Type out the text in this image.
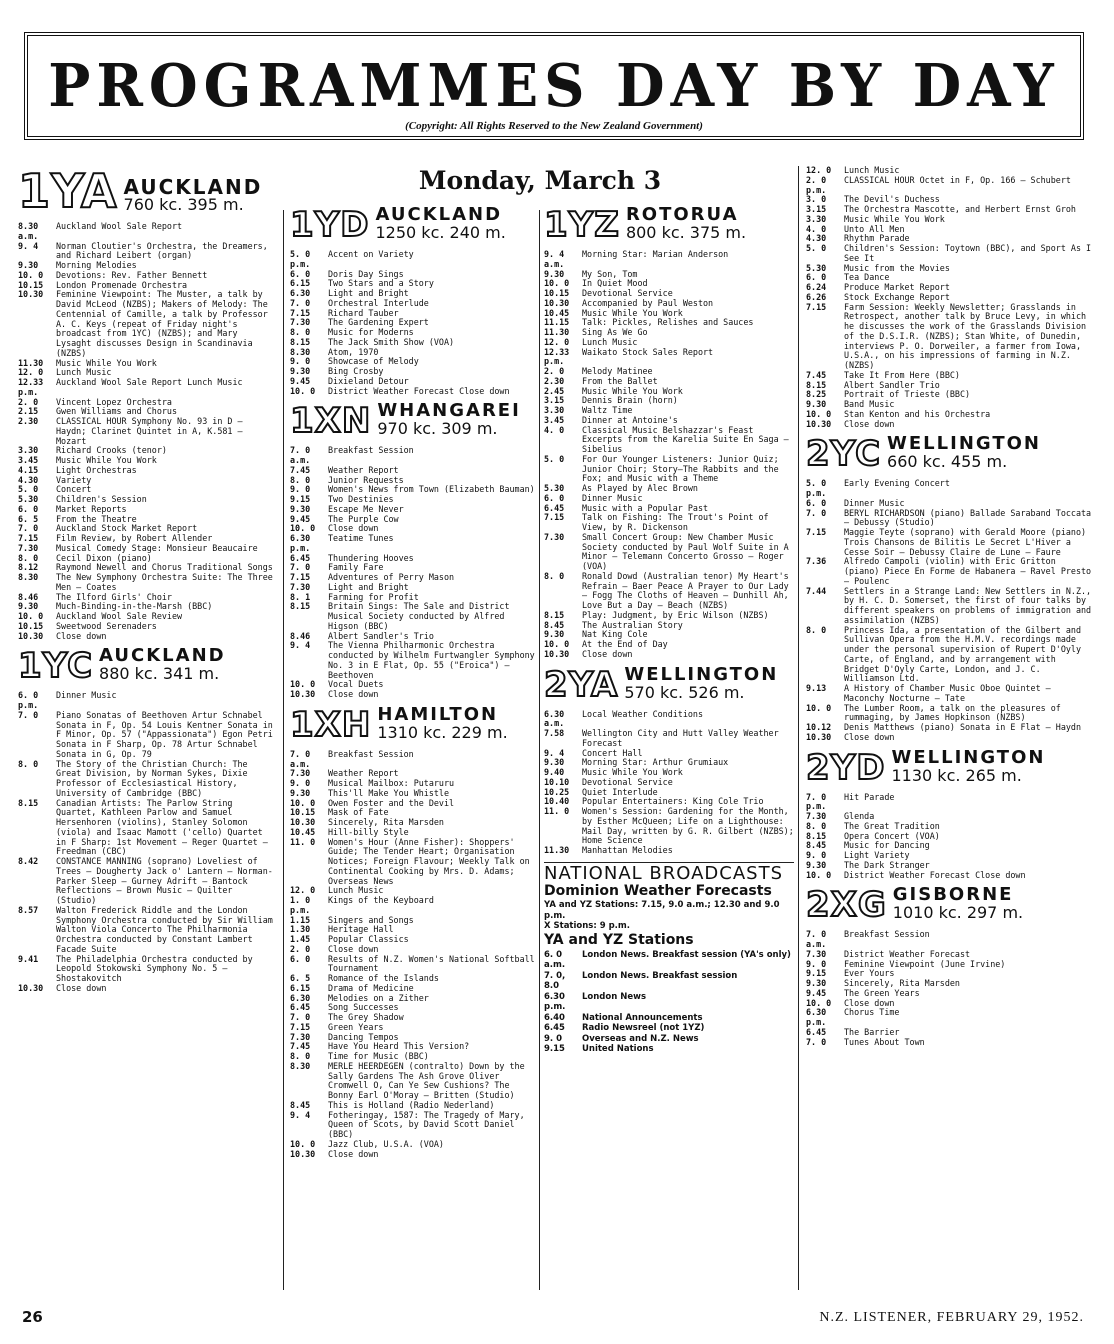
PROGRAMMES DAY BY DAY
(Copyright: All Rights Reserved to the New Zealand Government)
Monday, March 3
1YA AUCKLAND
760 kc. 395 m.
8.30 a.m.
Auckland Wool Sale Report
9. 4	Norman Cloutier's Orchestra, the Dreamers, and Richard Leibert (organ)
9.30	Morning Melodies
10. 0	Devotions: Rev. Father Bennett
10.15	London Promenade Orchestra
10.30	Feminine Viewpoint: The Muster, a talk by David McLeod (NZBS); Makers of Melody: The Centennial of Camille, a talk by Professor A. C. Keys (repeat of Friday night's broadcast from 1YC) (NZBS); and Mary Lysaght discusses Design in Scandinavia (NZBS)
11.30	Music While You Work
12. 0	Lunch Music
12.33 p.m.
Auckland Wool Sale Report Lunch Music
2. 0	Vincent Lopez Orchestra
2.15	Gwen Williams and Chorus
2.30	CLASSICAL HOUR Symphony No. 93 in D — Haydn; Clarinet Quintet in A, K.581 — Mozart
3.30	Richard Crooks (tenor)
3.45	Music While You Work
4.15	Light Orchestras
4.30	Variety
5. 0	Concert
5.30	Children's Session
6. 0	Market Reports
6. 5	From the Theatre
7. 0	Auckland Stock Market Report
7.15	Film Review, by Robert Allender
7.30	Musical Comedy Stage: Monsieur Beaucaire
8. 0	Cecil Dixon (piano)
8.12	Raymond Newell and Chorus Traditional Songs
8.30	The New Symphony Orchestra Suite: The Three Men — Coates
8.46	The Ilford Girls' Choir
9.30	Much-Binding-in-the-Marsh (BBC)
10. 0	Auckland Wool Sale Review
10.15	Sweetwood Serenaders
10.30	Close down
1YC AUCKLAND
880 kc. 341 m.
6. 0 p.m.
Dinner Music
7. 0	Piano Sonatas of Beethoven Artur Schnabel Sonata in F, Op. 54 Louis Kentner Sonata in F Minor, Op. 57 ("Appassionata") Egon Petri Sonata in F Sharp, Op. 78 Artur Schnabel Sonata in G, Op. 79
8. 0	The Story of the Christian Church: The Great Division, by Norman Sykes, Dixie Professor of Ecclesiastical History, University of Cambridge (BBC)
8.15	Canadian Artists: The Parlow String Quartet, Kathleen Parlow and Samuel Hersenhoren (violins), Stanley Solomon (viola) and Isaac Mamott ('cello) Quartet in F Sharp: 1st Movement — Reger Quartet — Freedman (CBC)
8.42	CONSTANCE MANNING (soprano) Loveliest of Trees — Dougherty Jack o' Lantern — Norman-Parker Sleep — Gurney Adrift — Bantock Reflections — Brown Music — Quilter (Studio)
8.57	Walton Frederick Riddle and the London Symphony Orchestra conducted by Sir William Walton Viola Concerto The Philharmonia Orchestra conducted by Constant Lambert Facade Suite
9.41	The Philadelphia Orchestra conducted by Leopold Stokowski Symphony No. 5 — Shostakovitch
10.30	Close down
1YD AUCKLAND
1250 kc. 240 m.
5. 0 p.m.
Accent on Variety
6. 0	Doris Day Sings
6.15	Two Stars and a Story
6.30	Light and Bright
7. 0	Orchestral Interlude
7.15	Richard Tauber
7.30	The Gardening Expert
8. 0	Music for Moderns
8.15	The Jack Smith Show (VOA)
8.30	Atom, 1970
9. 0	Showcase of Melody
9.30	Bing Crosby
9.45	Dixieland Detour
10. 0	District Weather Forecast Close down
1XN WHANGAREI
970 kc. 309 m.
7. 0 a.m.
Breakfast Session
7.45	Weather Report
8. 0	Junior Requests
9. 0	Women's News from Town (Elizabeth Bauman)
9.15	Two Destinies
9.30	Escape Me Never
9.45	The Purple Cow
10. 0	Close down
6.30 p.m.
Teatime Tunes
6.45	Thundering Hooves
7. 0	Family Fare
7.15	Adventures of Perry Mason
7.30	Light and Bright
8. 1	Farming for Profit
8.15	Britain Sings: The Sale and District Musical Society conducted by Alfred Higson (BBC)
8.46	Albert Sandler's Trio
9. 4	The Vienna Philharmonic Orchestra conducted by Wilhelm Furtwangler Symphony No. 3 in E Flat, Op. 55 ("Eroica") — Beethoven
10. 0	Vocal Duets
10.30	Close down
1XH HAMILTON
1310 kc. 229 m.
7. 0 a.m.
Breakfast Session
7.30	Weather Report
9. 0	Musical Mailbox: Putaruru
9.30	This'll Make You Whistle
10. 0	Owen Foster and the Devil
10.15	Mask of Fate
10.30	Sincerely, Rita Marsden
10.45	Hill-billy Style
11. 0	Women's Hour (Anne Fisher): Shoppers' Guide; The Tender Heart; Organisation Notices; Foreign Flavour; Weekly Talk on Continental Cooking by Mrs. D. Adams; Overseas News
12. 0	Lunch Music
1. 0 p.m.
Kings of the Keyboard
1.15	Singers and Songs
1.30	Heritage Hall
1.45	Popular Classics
2. 0	Close down
6. 0	Results of N.Z. Women's National Softball Tournament
6. 5	Romance of the Islands
6.15	Drama of Medicine
6.30	Melodies on a Zither
6.45	Song Successes
7. 0	The Grey Shadow
7.15	Green Years
7.30	Dancing Tempos
7.45	Have You Heard This Version?
8. 0	Time for Music (BBC)
8.30	MERLE HEERDEGEN (contralto) Down by the Sally Gardens The Ash Grove Oliver Cromwell O, Can Ye Sew Cushions? The Bonny Earl O'Moray — Britten (Studio)
8.45	This is Holland (Radio Nederland)
9. 4	Fotheringay, 1587: The Tragedy of Mary, Queen of Scots, by David Scott Daniel (BBC)
10. 0	Jazz Club, U.S.A. (VOA)
10.30	Close down
1YZ ROTORUA
800 kc. 375 m.
9. 4 a.m.
Morning Star: Marian Anderson
9.30	My Son, Tom
10. 0	In Quiet Mood
10.15	Devotional Service
10.30	Accompanied by Paul Weston
10.45	Music While You Work
11.15	Talk: Pickles, Relishes and Sauces
11.30	Sing As We Go
12. 0	Lunch Music
12.33 p.m.
Waikato Stock Sales Report
2. 0	Melody Matinee
2.30	From the Ballet
2.45	Music While You Work
3.15	Dennis Brain (horn)
3.30	Waltz Time
3.45	Dinner at Antoine's
4. 0	Classical Music Belshazzar's Feast Excerpts from the Karelia Suite En Saga — Sibelius
5. 0	For Our Younger Listeners: Junior Quiz; Junior Choir; Story—The Rabbits and the Fox; and Music with a Theme
5.30	As Played by Alec Brown
6. 0	Dinner Music
6.45	Music with a Popular Past
7.15	Talk on Fishing: The Trout's Point of View, by R. Dickenson
7.30	Small Concert Group: New Chamber Music Society conducted by Paul Wolf Suite in A Minor — Telemann Concerto Grosso — Roger (VOA)
8. 0	Ronald Dowd (Australian tenor) My Heart's Refrain — Baer Peace A Prayer to Our Lady — Fogg The Cloths of Heaven — Dunhill Ah, Love But a Day — Beach (NZBS)
8.15	Play: Judgment, by Eric Wilson (NZBS)
8.45	The Australian Story
9.30	Nat King Cole
10. 0	At the End of Day
10.30	Close down
2YA WELLINGTON
570 kc. 526 m.
6.30 a.m.
Local Weather Conditions
7.58	Wellington City and Hutt Valley Weather Forecast
9. 4	Concert Hall
9.30	Morning Star: Arthur Grumiaux
9.40	Music While You Work
10.10	Devotional Service
10.25	Quiet Interlude
10.40	Popular Entertainers: King Cole Trio
11. 0	Women's Session: Gardening for the Month, by Esther McQueen; Life on a Lighthouse: Mail Day, written by G. R. Gilbert (NZBS); Home Science
11.30	Manhattan Melodies
NATIONAL BROADCASTS
Dominion Weather Forecasts
YA and YZ Stations: 7.15, 9.0 a.m.; 12.30 and 9.0 p.m.
X Stations: 9 p.m.
YA and YZ Stations
6. 0 a.m.
London News. Breakfast session (YA's only)
7. 0, 8.0
London News. Breakfast session
6.30 p.m.
London News
6.40	National Announcements
6.45	Radio Newsreel (not 1YZ)
9. 0	Overseas and N.Z. News
9.15	United Nations
12. 0	Lunch Music
2. 0 p.m.
CLASSICAL HOUR Octet in F, Op. 166 — Schubert
3. 0	The Devil's Duchess
3.15	The Orchestra Mascotte, and Herbert Ernst Groh
3.30	Music While You Work
4. 0	Unto All Men
4.30	Rhythm Parade
5. 0	Children's Session: Toytown (BBC), and Sport As I See It
5.30	Music from the Movies
6. 0	Tea Dance
6.24	Produce Market Report
6.26	Stock Exchange Report
7.15	Farm Session: Weekly Newsletter; Grasslands in Retrospect, another talk by Bruce Levy, in which he discusses the work of the Grasslands Division of the D.S.I.R. (NZBS); Stan White, of Dunedin, interviews P. O. Dorweiler, a farmer from Iowa, U.S.A., on his impressions of farming in N.Z. (NZBS)
7.45	Take It From Here (BBC)
8.15	Albert Sandler Trio
8.25	Portrait of Trieste (BBC)
9.30	Band Music
10. 0	Stan Kenton and his Orchestra
10.30	Close down
2YC WELLINGTON
660 kc. 455 m.
5. 0 p.m.
Early Evening Concert
6. 0	Dinner Music
7. 0	BERYL RICHARDSON (piano) Ballade Saraband Toccata — Debussy (Studio)
7.15	Maggie Teyte (soprano) with Gerald Moore (piano) Trois Chansons de Bilitis Le Secret L'Hiver a Cesse Soir — Debussy Claire de Lune — Faure
7.36	Alfredo Campoli (violin) with Eric Gritton (piano) Piece En Forme de Habanera — Ravel Presto — Poulenc
7.44	Settlers in a Strange Land: New Settlers in N.Z., by H. C. D. Somerset, the first of four talks by different speakers on problems of immigration and assimilation (NZBS)
8. 0	Princess Ida, a presentation of the Gilbert and Sullivan Opera from the H.M.V. recordings made under the personal supervision of Rupert D'Oyly Carte, of England, and by arrangement with Bridget D'Oyly Carte, London, and J. C. Williamson Ltd.
9.13	A History of Chamber Music Oboe Quintet — Maconchy Nocturne — Tate
10. 0	The Lumber Room, a talk on the pleasures of rummaging, by James Hopkinson (NZBS)
10.12	Denis Matthews (piano) Sonata in E Flat — Haydn
10.30	Close down
2YD WELLINGTON
1130 kc. 265 m.
7. 0 p.m.
Hit Parade
7.30	Glenda
8. 0	The Great Tradition
8.15	Opera Concert (VOA)
8.45	Music for Dancing
9. 0	Light Variety
9.30	The Dark Stranger
10. 0	District Weather Forecast Close down
2XG GISBORNE
1010 kc. 297 m.
7. 0 a.m.
Breakfast Session
7.30	District Weather Forecast
9. 0	Feminine Viewpoint (June Irvine)
9.15	Ever Yours
9.30	Sincerely, Rita Marsden
9.45	The Green Years
10. 0	Close down
6.30 p.m.
Chorus Time
6.45	The Barrier
7. 0	Tunes About Town
26	N.Z. LISTENER, FEBRUARY 29, 1952.
